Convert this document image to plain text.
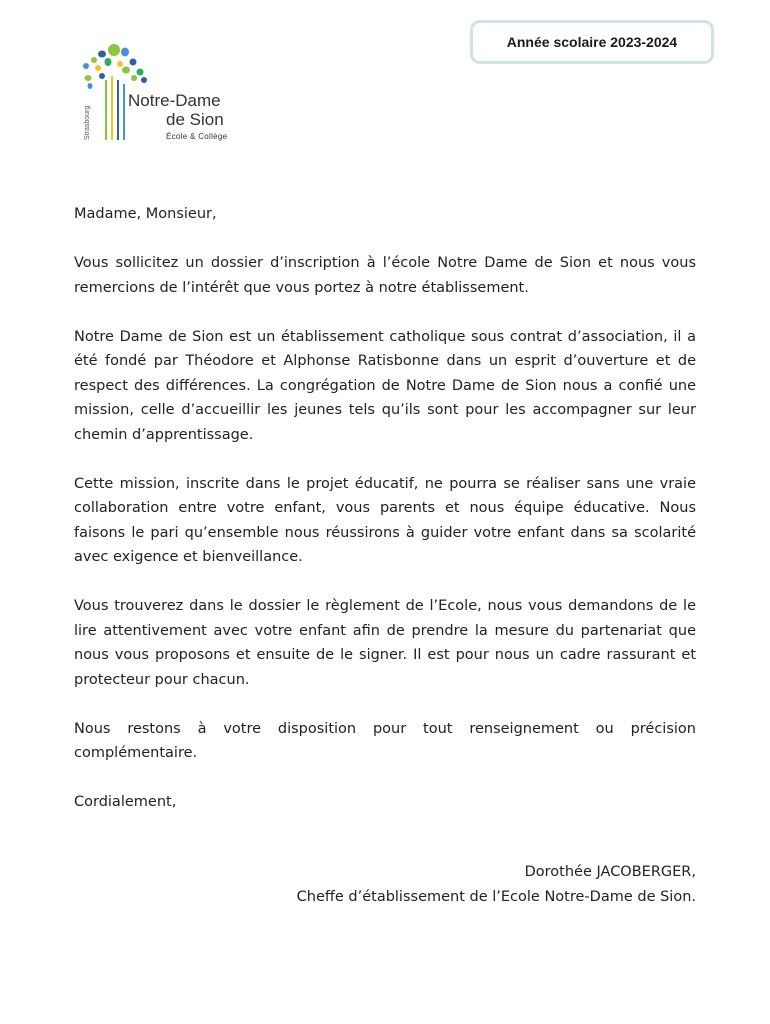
Année scolaire 2023-2024
Notre-Dame
de Sion
École & Collège
Strasbourg

Madame, Monsieur,

Vous sollicitez un dossier d’inscription à l’école Notre Dame de Sion et nous vous remercions de l’intérêt que vous portez à notre établissement.

Notre Dame de Sion est un établissement catholique sous contrat d’association, il a été fondé par Théodore et Alphonse Ratisbonne dans un esprit d’ouverture et de respect des différences. La congrégation de Notre Dame de Sion nous a confié une mission, celle d’accueillir les jeunes tels qu’ils sont pour les accompagner sur leur chemin d’apprentissage.

Cette mission, inscrite dans le projet éducatif, ne pourra se réaliser sans une vraie collaboration entre votre enfant, vous parents et nous équipe éducative. Nous faisons le pari qu’ensemble nous réussirons à guider votre enfant dans sa scolarité avec exigence et bienveillance.

Vous trouverez dans le dossier le règlement de l’Ecole, nous vous demandons de le lire attentivement avec votre enfant afin de prendre la mesure du partenariat que nous vous proposons et ensuite de le signer. Il est pour nous un cadre rassurant et protecteur pour chacun.

Nous restons à votre disposition pour tout renseignement ou précision complémentaire.

Cordialement,

Dorothée JACOBERGER,
Cheffe d’établissement de l’Ecole Notre-Dame de Sion.
